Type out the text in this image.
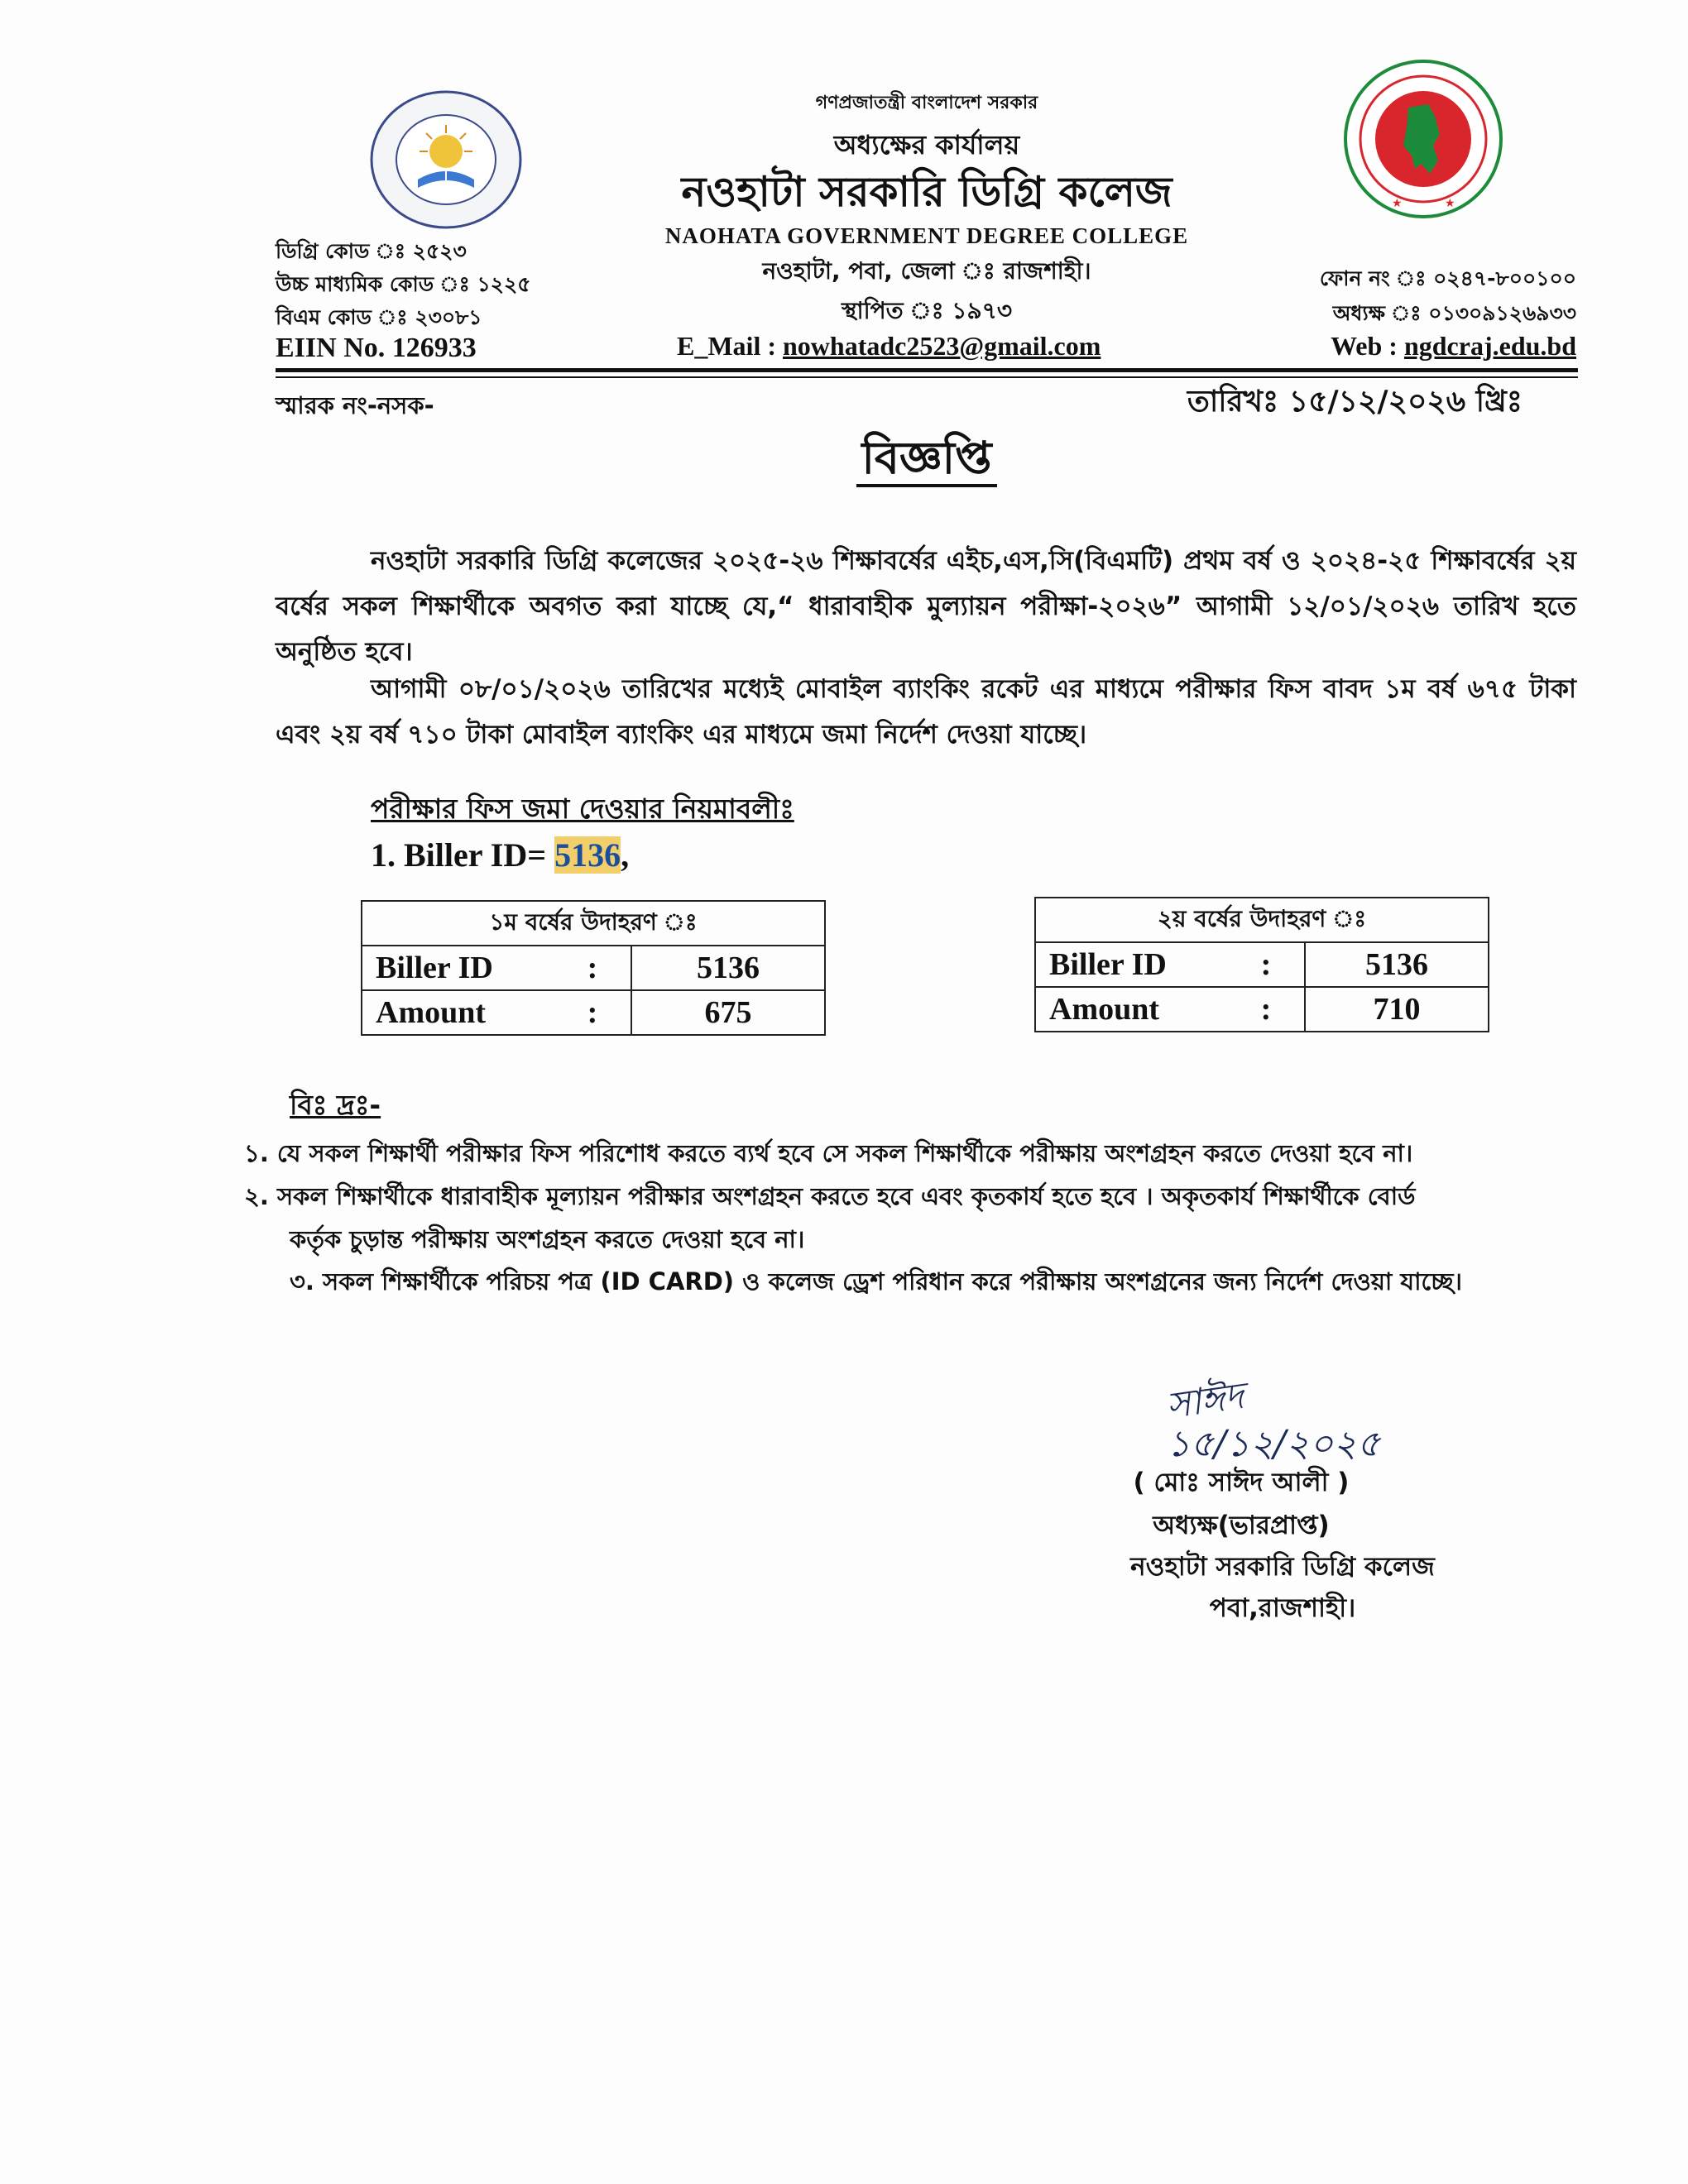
★	★
গণপ্রজাতন্ত্রী বাংলাদেশ সরকার
অধ্যক্ষের কার্যালয়
নওহাটা সরকারি ডিগ্রি কলেজ
NAOHATA GOVERNMENT DEGREE COLLEGE
নওহাটা, পবা, জেলা ঃ রাজশাহী।
স্থাপিত ঃ ১৯৭৩
E_Mail : nowhatadc2523@gmail.com
ডিগ্রি কোড ঃ ২৫২৩
উচ্চ মাধ্যমিক কোড ঃ ১২২৫
বিএম কোড ঃ ২৩০৮১
EIIN No. 126933
ফোন নং ঃ ০২৪৭-৮০০১০০
অধ্যক্ষ ঃ ০১৩০৯১২৬৯৩৩
Web : ngdcraj.edu.bd
স্মারক নং-নসক-	তারিখঃ ১৫/১২/২০২৬ খ্রিঃ
বিজ্ঞপ্তি
নওহাটা সরকারি ডিগ্রি কলেজের ২০২৫-২৬ শিক্ষাবর্ষের এইচ,এস,সি(বিএমটি) প্রথম বর্ষ ও ২০২৪-২৫ শিক্ষাবর্ষের ২য় বর্ষের সকল শিক্ষার্থীকে অবগত করা যাচ্ছে যে,“ ধারাবাহীক মুল্যায়ন পরীক্ষা-২০২৬” আগামী ১২/০১/২০২৬ তারিখ হতে অনুষ্ঠিত হবে।
আগামী ০৮/০১/২০২৬ তারিখের মধ্যেই মোবাইল ব্যাংকিং রকেট এর মাধ্যমে পরীক্ষার ফিস বাবদ ১ম বর্ষ ৬৭৫ টাকা এবং ২য় বর্ষ ৭১০ টাকা মোবাইল ব্যাংকিং এর মাধ্যমে জমা নির্দেশ দেওয়া যাচ্ছে।
পরীক্ষার ফিস জমা দেওয়ার নিয়মাবলীঃ
1. Biller ID= 5136,
১ম বর্ষের উদাহরণ ঃ		
Biller ID	:	5136
Amount	:	675
২য় বর্ষের উদাহরণ ঃ		
Biller ID	:	5136
Amount	:	710
বিঃ দ্রঃ-
১. যে সকল শিক্ষার্থী পরীক্ষার ফিস পরিশোধ করতে ব্যর্থ হবে সে সকল শিক্ষার্থীকে পরীক্ষায় অংশগ্রহন করতে দেওয়া হবে না।
২. সকল শিক্ষার্থীকে ধারাবাহীক মূল্যায়ন পরীক্ষার অংশগ্রহন করতে হবে এবং কৃতকার্য হতে হবে । অকৃতকার্য শিক্ষার্থীকে বোর্ড
কর্তৃক চুড়ান্ত পরীক্ষায় অংশগ্রহন করতে দেওয়া হবে না।
৩. সকল শিক্ষার্থীকে পরিচয় পত্র (ID CARD) ও কলেজ ড্রেশ পরিধান করে পরীক্ষায় অংশগ্রনের জন্য নির্দেশ দেওয়া যাচ্ছে।
সাঈদ
১৫/১২/২০২৫
( মোঃ সাঈদ আলী )
অধ্যক্ষ(ভারপ্রাপ্ত)
নওহাটা সরকারি ডিগ্রি কলেজ
পবা,রাজশাহী।
